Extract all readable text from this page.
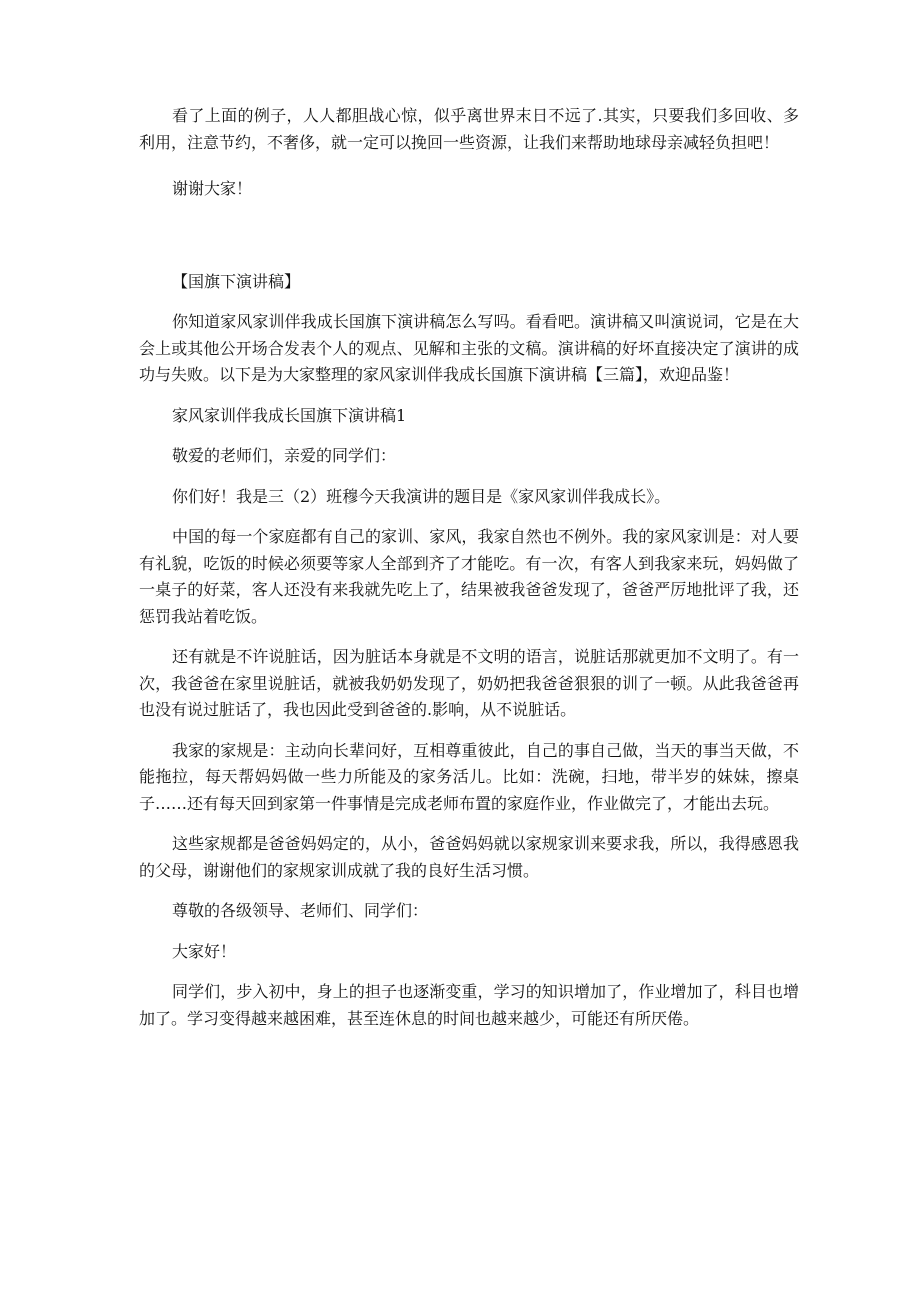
看了上面的例子，人人都胆战心惊，似乎离世界末日不远了.其实，只要我们多回收、多利用，注意节约，不奢侈，就一定可以挽回一些资源，让我们来帮助地球母亲减轻负担吧！

谢谢大家！

【国旗下演讲稿】

你知道家风家训伴我成长国旗下演讲稿怎么写吗。看看吧。演讲稿又叫演说词，它是在大会上或其他公开场合发表个人的观点、见解和主张的文稿。演讲稿的好坏直接决定了演讲的成功与失败。以下是为大家整理的家风家训伴我成长国旗下演讲稿【三篇】，欢迎品鉴！

家风家训伴我成长国旗下演讲稿1

敬爱的老师们，亲爱的同学们：

你们好！我是三（2）班穆今天我演讲的题目是《家风家训伴我成长》。

中国的每一个家庭都有自己的家训、家风，我家自然也不例外。我的家风家训是：对人要有礼貌，吃饭的时候必须要等家人全部到齐了才能吃。有一次，有客人到我家来玩，妈妈做了一桌子的好菜，客人还没有来我就先吃上了，结果被我爸爸发现了，爸爸严厉地批评了我，还惩罚我站着吃饭。

还有就是不许说脏话，因为脏话本身就是不文明的语言，说脏话那就更加不文明了。有一次，我爸爸在家里说脏话，就被我奶奶发现了，奶奶把我爸爸狠狠的训了一顿。从此我爸爸再也没有说过脏话了，我也因此受到爸爸的.影响，从不说脏话。

我家的家规是：主动向长辈问好，互相尊重彼此，自己的事自己做，当天的事当天做，不能拖拉，每天帮妈妈做一些力所能及的家务活儿。比如：洗碗，扫地，带半岁的妹妹，擦桌子……还有每天回到家第一件事情是完成老师布置的家庭作业，作业做完了，才能出去玩。

这些家规都是爸爸妈妈定的，从小，爸爸妈妈就以家规家训来要求我，所以，我得感恩我的父母，谢谢他们的家规家训成就了我的良好生活习惯。

尊敬的各级领导、老师们、同学们：

大家好！

同学们，步入初中，身上的担子也逐渐变重，学习的知识增加了，作业增加了，科目也增加了。学习变得越来越困难，甚至连休息的时间也越来越少，可能还有所厌倦。
